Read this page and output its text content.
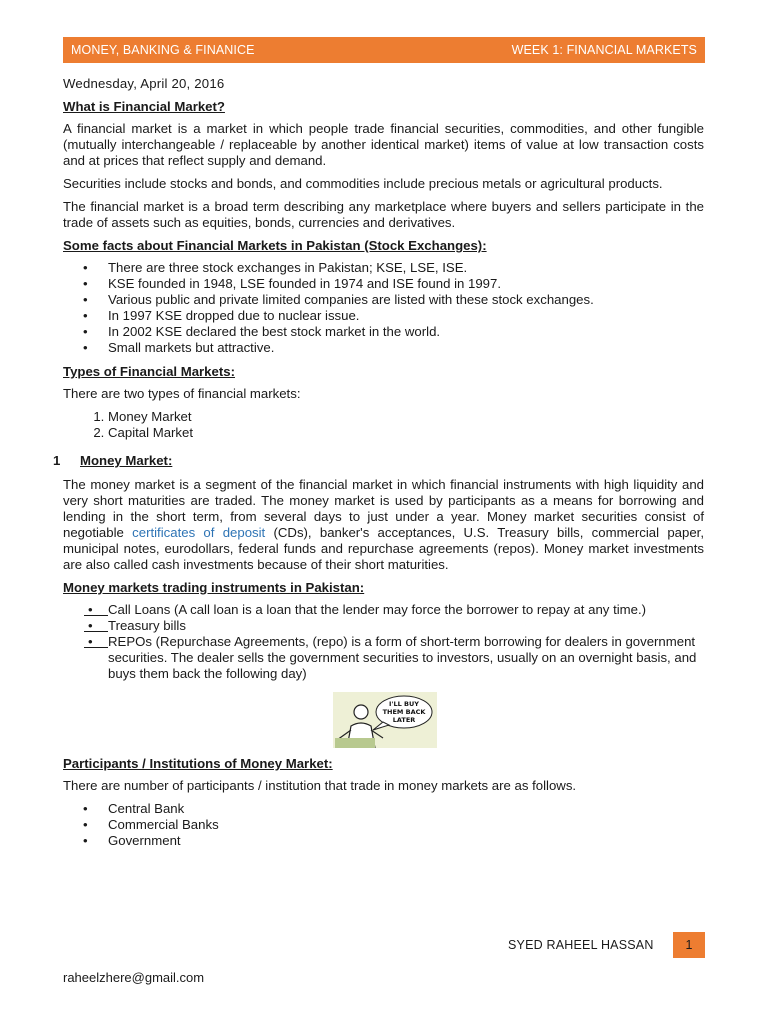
MONEY, BANKING & FINANICE	WEEK 1: FINANCIAL MARKETS
Wednesday, April 20, 2016
What is Financial Market?

A financial market is a market in which people trade financial securities, commodities, and other fungible (mutually interchangeable / replaceable by another identical market) items of value at low transaction costs and at prices that reflect supply and demand.

Securities include stocks and bonds, and commodities include precious metals or agricultural products.

The financial market is a broad term describing any marketplace where buyers and sellers participate in the trade of assets such as equities, bonds, currencies and derivatives.

Some facts about Financial Markets in Pakistan (Stock Exchanges):
• There are three stock exchanges in Pakistan; KSE, LSE, ISE.
• KSE founded in 1948, LSE founded in 1974 and ISE found in 1997.
• Various public and private limited companies are listed with these stock exchanges.
• In 1997 KSE dropped due to nuclear issue.
• In 2002 KSE declared the best stock market in the world.
• Small markets but attractive.
Types of Financial Markets:

There are two types of financial markets:

1. Money Market
2. Capital Market
1	Money Market:

The money market is a segment of the financial market in which financial instruments with high liquidity and very short maturities are traded. The money market is used by participants as a means for borrowing and lending in the short term, from several days to just under a year. Money market securities consist of negotiable certificates of deposit (CDs), banker's acceptances, U.S. Treasury bills, commercial paper, municipal notes, eurodollars, federal funds and repurchase agreements (repos). Money market investments are also called cash investments because of their short maturities.

Money markets trading instruments in Pakistan:
• Call Loans (A call loan is a loan that the lender may force the borrower to repay at any time.)
• Treasury bills
• REPOs (Repurchase Agreements, (repo) is a form of short-term borrowing for dealers in government securities. The dealer sells the government securities to investors, usually on an overnight basis, and buys them back the following day)
I'LL BUY
THEM BACK
LATER
Participants / Institutions of Money Market:

There are number of participants / institution that trade in money markets are as follows.

• Central Bank
• Commercial Banks
• Government
SYED RAHEEL HASSAN	1
raheelzhere@gmail.com
